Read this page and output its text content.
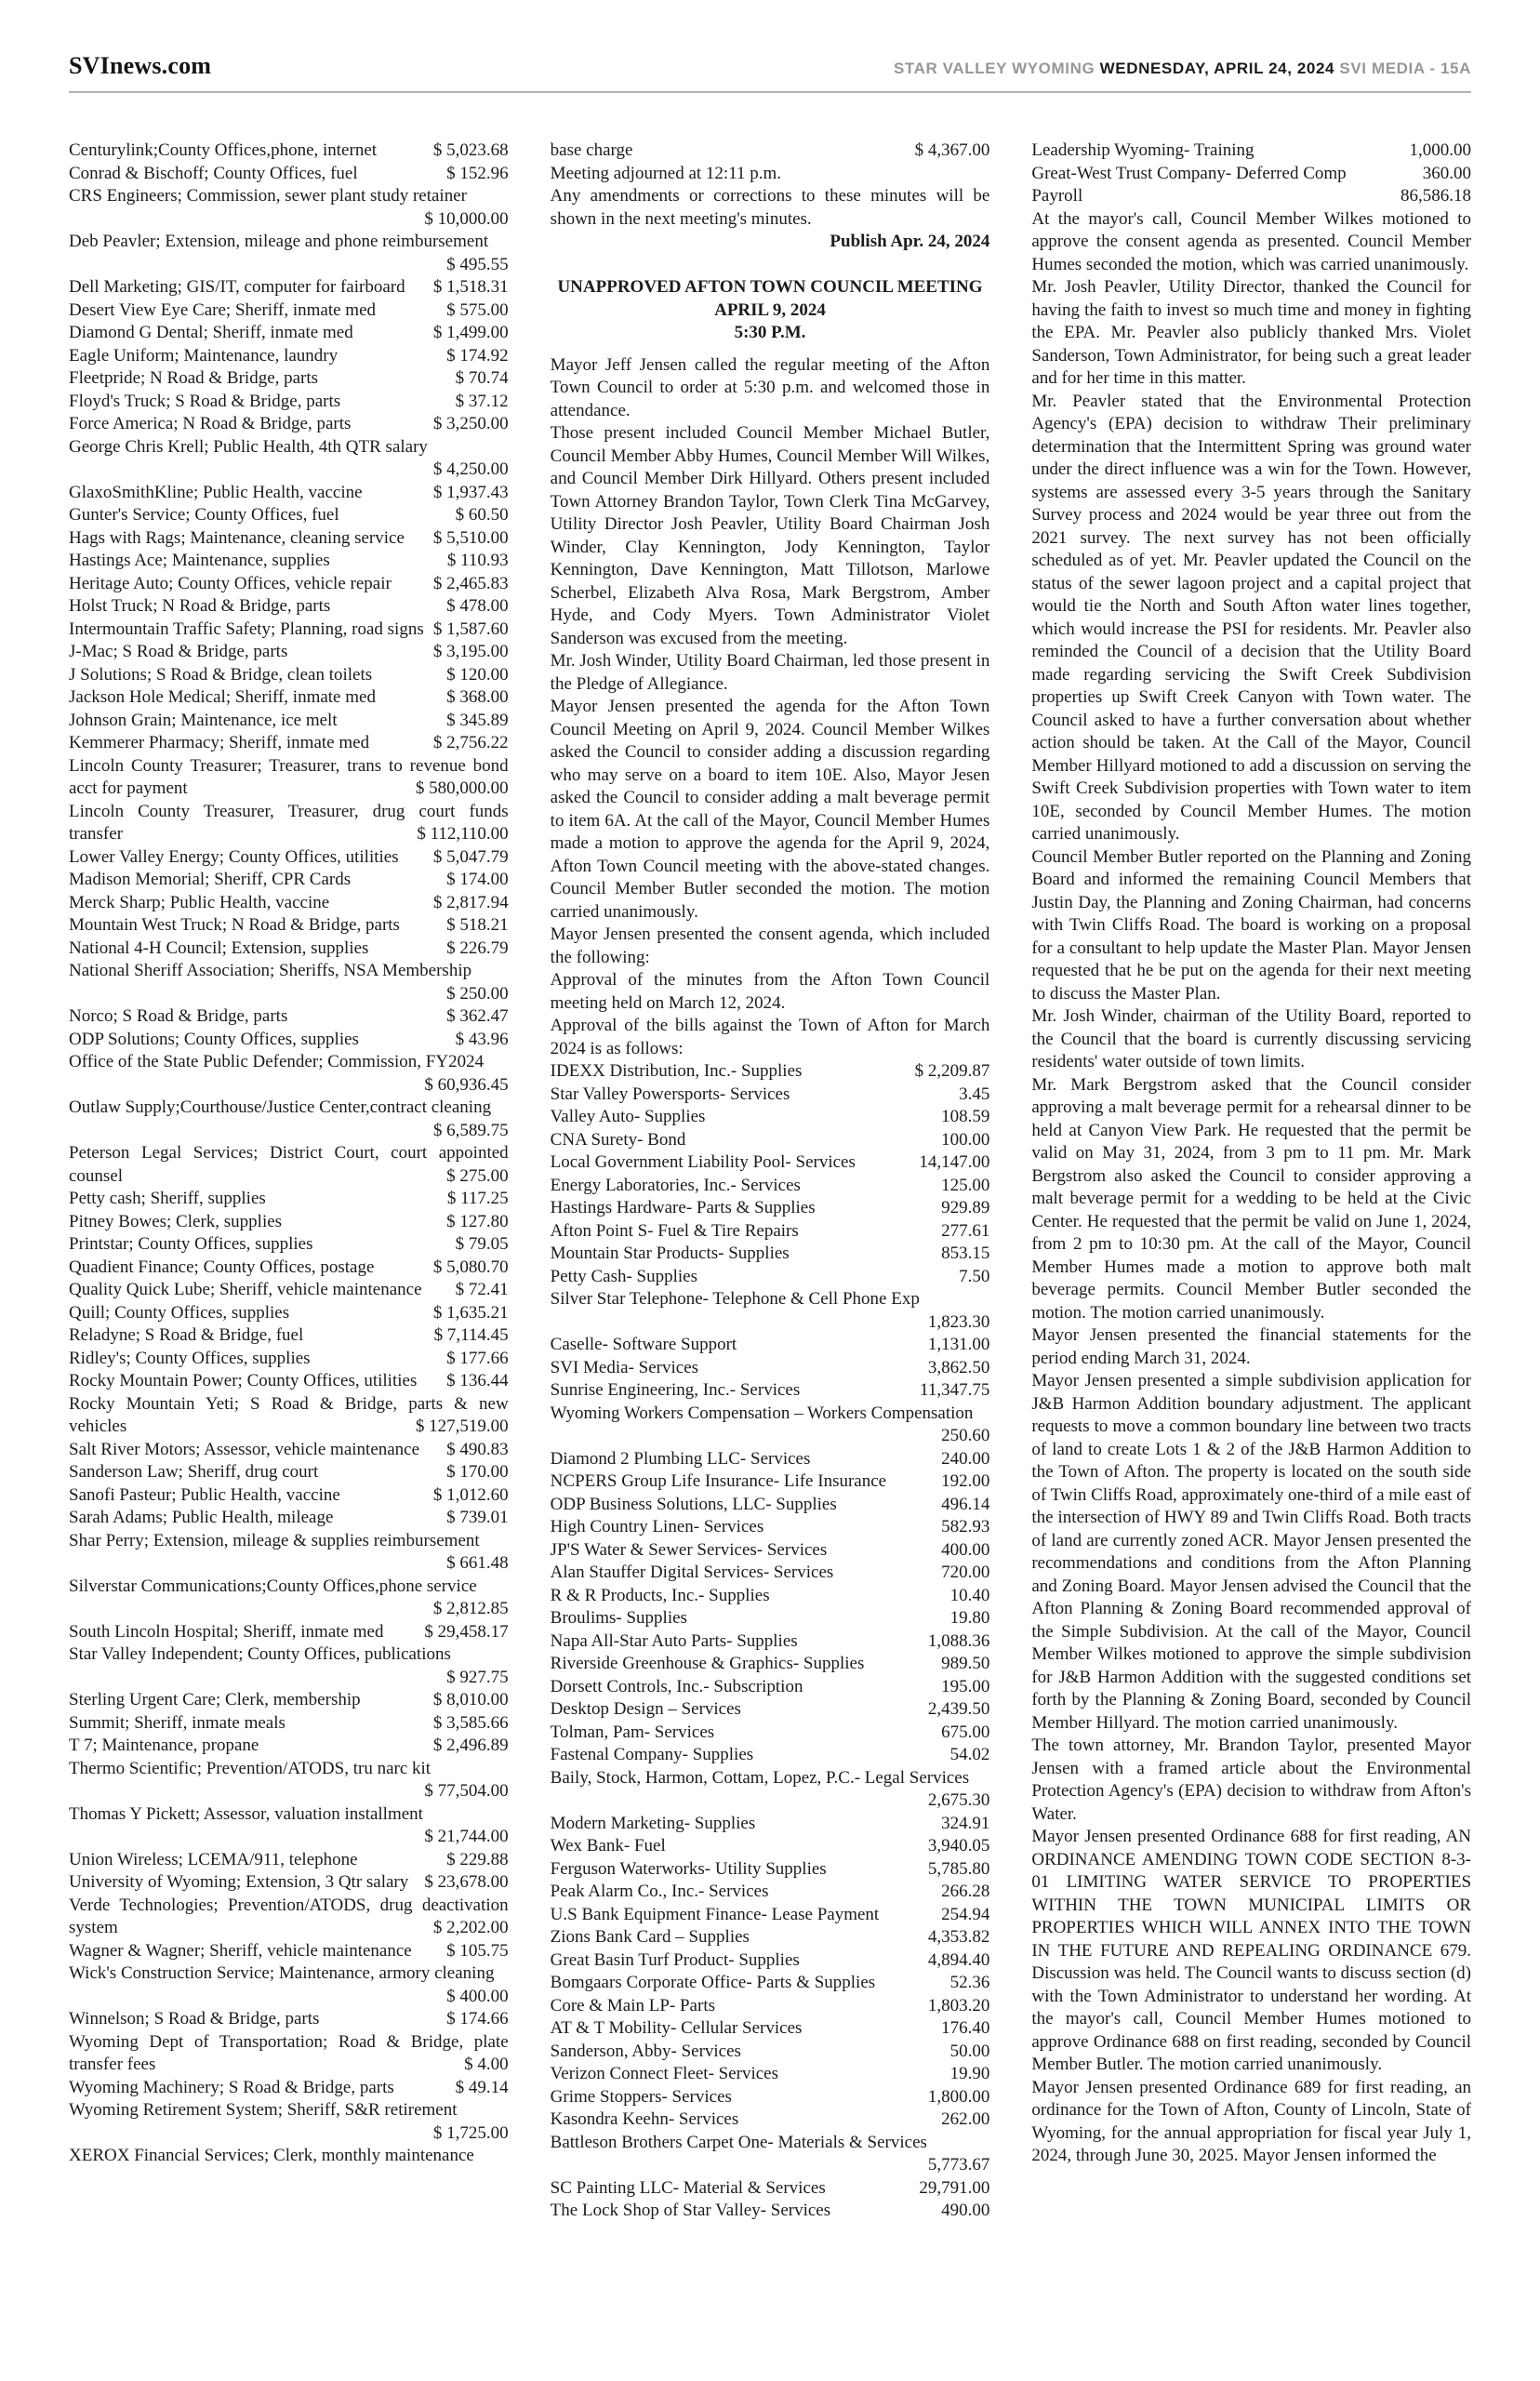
SVInews.com	STAR VALLEY WYOMING WEDNESDAY, APRIL 24, 2024 SVI MEDIA - 15A

Centurylink;County Offices,phone, internet	$ 5,023.68

Conrad & Bischoff; County Offices, fuel	$ 152.96

CRS Engineers; Commission, sewer plant study retainer
$ 10,000.00

Deb Peavler; Extension, mileage and phone reimbursement
$ 495.55

Dell Marketing; GIS/IT, computer for fairboard	$ 1,518.31

Desert View Eye Care; Sheriff, inmate med	$ 575.00

Diamond G Dental; Sheriff, inmate med	$ 1,499.00

Eagle Uniform; Maintenance, laundry	$ 174.92

Fleetpride; N Road & Bridge, parts	$ 70.74

Floyd's Truck; S Road & Bridge, parts	$ 37.12

Force America; N Road & Bridge, parts	$ 3,250.00

George Chris Krell; Public Health, 4th QTR salary
$ 4,250.00

GlaxoSmithKline; Public Health, vaccine	$ 1,937.43

Gunter's Service; County Offices, fuel	$ 60.50

Hags with Rags; Maintenance, cleaning service	$ 5,510.00

Hastings Ace; Maintenance, supplies	$ 110.93

Heritage Auto; County Offices, vehicle repair	$ 2,465.83

Holst Truck; N Road & Bridge, parts	$ 478.00

Intermountain Traffic Safety; Planning, road signs $ 1,587.60

J-Mac; S Road & Bridge, parts	$ 3,195.00

J Solutions; S Road & Bridge, clean toilets	$ 120.00

Jackson Hole Medical; Sheriff, inmate med	$ 368.00

Johnson Grain; Maintenance, ice melt	$ 345.89

Kemmerer Pharmacy; Sheriff, inmate med	$ 2,756.22

Lincoln County Treasurer; Treasurer, trans to revenue bond acct for payment	$ 580,000.00

Lincoln County Treasurer, Treasurer, drug court funds transfer	$ 112,110.00

Lower Valley Energy; County Offices, utilities	$ 5,047.79

Madison Memorial; Sheriff, CPR Cards	$ 174.00

Merck Sharp; Public Health, vaccine	$ 2,817.94

Mountain West Truck; N Road & Bridge, parts	$ 518.21

National 4-H Council; Extension, supplies	$ 226.79

National Sheriff Association; Sheriffs, NSA Membership
$ 250.00

Norco; S Road & Bridge, parts	$ 362.47

ODP Solutions; County Offices, supplies	$ 43.96

Office of the State Public Defender; Commission, FY2024
$ 60,936.45

Outlaw Supply;Courthouse/Justice Center,contract cleaning
$ 6,589.75

Peterson Legal Services; District Court, court appointed counsel	$ 275.00

Petty cash; Sheriff, supplies	$ 117.25

Pitney Bowes; Clerk, supplies	$ 127.80

Printstar; County Offices, supplies	$ 79.05

Quadient Finance; County Offices, postage	$ 5,080.70

Quality Quick Lube; Sheriff, vehicle maintenance	$ 72.41

Quill; County Offices, supplies	$ 1,635.21

Reladyne; S Road & Bridge, fuel	$ 7,114.45

Ridley's; County Offices, supplies	$ 177.66

Rocky Mountain Power; County Offices, utilities	$ 136.44

Rocky Mountain Yeti; S Road & Bridge, parts & new vehicles	$ 127,519.00

Salt River Motors; Assessor, vehicle maintenance	$ 490.83

Sanderson Law; Sheriff, drug court	$ 170.00

Sanofi Pasteur; Public Health, vaccine	$ 1,012.60

Sarah Adams; Public Health, mileage	$ 739.01

Shar Perry; Extension, mileage & supplies reimbursement
$ 661.48

Silverstar Communications;County Offices,phone service
$ 2,812.85

South Lincoln Hospital; Sheriff, inmate med	$ 29,458.17

Star Valley Independent; County Offices, publications
$ 927.75

Sterling Urgent Care; Clerk, membership	$ 8,010.00

Summit; Sheriff, inmate meals	$ 3,585.66

T 7; Maintenance, propane	$ 2,496.89

Thermo Scientific; Prevention/ATODS, tru narc kit
$ 77,504.00

Thomas Y Pickett; Assessor, valuation installment
$ 21,744.00

Union Wireless; LCEMA/911, telephone	$ 229.88

University of Wyoming; Extension, 3 Qtr salary $ 23,678.00

Verde Technologies; Prevention/ATODS, drug deactivation system	$ 2,202.00

Wagner & Wagner; Sheriff, vehicle maintenance	$ 105.75

Wick's Construction Service; Maintenance, armory cleaning
$ 400.00

Winnelson; S Road & Bridge, parts	$ 174.66

Wyoming Dept of Transportation; Road & Bridge, plate transfer fees	$ 4.00

Wyoming Machinery; S Road & Bridge, parts	$ 49.14

Wyoming Retirement System; Sheriff, S&R retirement
$ 1,725.00

XEROX Financial Services; Clerk, monthly maintenance

base charge	$ 4,367.00

Meeting adjourned at 12:11 p.m.

Any amendments or corrections to these minutes will be shown in the next meeting's minutes.

Publish Apr. 24, 2024

UNAPPROVED AFTON TOWN COUNCIL MEETING

APRIL 9, 2024

5:30 P.M.

Mayor Jeff Jensen called the regular meeting of the Afton Town Council to order at 5:30 p.m. and welcomed those in attendance.

Those present included Council Member Michael Butler, Council Member Abby Humes, Council Member Will Wilkes, and Council Member Dirk Hillyard. Others present included Town Attorney Brandon Taylor, Town Clerk Tina McGarvey, Utility Director Josh Peavler, Utility Board Chairman Josh Winder, Clay Kennington, Jody Kennington, Taylor Kennington, Dave Kennington, Matt Tillotson, Marlowe Scherbel, Elizabeth Alva Rosa, Mark Bergstrom, Amber Hyde, and Cody Myers. Town Administrator Violet Sanderson was excused from the meeting.

Mr. Josh Winder, Utility Board Chairman, led those present in the Pledge of Allegiance.

Mayor Jensen presented the agenda for the Afton Town Council Meeting on April 9, 2024. Council Member Wilkes asked the Council to consider adding a discussion regarding who may serve on a board to item 10E. Also, Mayor Jesen asked the Council to consider adding a malt beverage permit to item 6A. At the call of the Mayor, Council Member Humes made a motion to approve the agenda for the April 9, 2024, Afton Town Council meeting with the above-stated changes. Council Member Butler seconded the motion. The motion carried unanimously.

Mayor Jensen presented the consent agenda, which included the following:

Approval of the minutes from the Afton Town Council meeting held on March 12, 2024.

Approval of the bills against the Town of Afton for March 2024 is as follows:

IDEXX Distribution, Inc.- Supplies	$ 2,209.87

Star Valley Powersports- Services	3.45

Valley Auto- Supplies	108.59

CNA Surety- Bond	100.00

Local Government Liability Pool- Services	14,147.00

Energy Laboratories, Inc.- Services	125.00

Hastings Hardware- Parts & Supplies	929.89

Afton Point S- Fuel & Tire Repairs	277.61

Mountain Star Products- Supplies	853.15

Petty Cash- Supplies	7.50

Silver Star Telephone- Telephone & Cell Phone Exp
1,823.30

Caselle- Software Support	1,131.00

SVI Media- Services	3,862.50

Sunrise Engineering, Inc.- Services	11,347.75

Wyoming Workers Compensation – Workers Compensation
250.60

Diamond 2 Plumbing LLC- Services	240.00

NCPERS Group Life Insurance- Life Insurance	192.00

ODP Business Solutions, LLC- Supplies	496.14

High Country Linen- Services	582.93

JP'S Water & Sewer Services- Services	400.00

Alan Stauffer Digital Services- Services	720.00

R & R Products, Inc.- Supplies	10.40

Broulims- Supplies	19.80

Napa All-Star Auto Parts- Supplies	1,088.36

Riverside Greenhouse & Graphics- Supplies	989.50

Dorsett Controls, Inc.- Subscription	195.00

Desktop Design – Services	2,439.50

Tolman, Pam- Services	675.00

Fastenal Company- Supplies	54.02

Baily, Stock, Harmon, Cottam, Lopez, P.C.- Legal Services
2,675.30

Modern Marketing- Supplies	324.91

Wex Bank- Fuel	3,940.05

Ferguson Waterworks- Utility Supplies	5,785.80

Peak Alarm Co., Inc.- Services	266.28

U.S Bank Equipment Finance- Lease Payment	254.94

Zions Bank Card – Supplies	4,353.82

Great Basin Turf Product- Supplies	4,894.40

Bomgaars Corporate Office- Parts & Supplies	52.36

Core & Main LP- Parts	1,803.20

AT & T Mobility- Cellular Services	176.40

Sanderson, Abby- Services	50.00

Verizon Connect Fleet- Services	19.90

Grime Stoppers- Services	1,800.00

Kasondra Keehn- Services	262.00

Battleson Brothers Carpet One- Materials & Services
5,773.67

SC Painting LLC- Material & Services	29,791.00

The Lock Shop of Star Valley- Services	490.00

Leadership Wyoming- Training	1,000.00

Great-West Trust Company- Deferred Comp	360.00

Payroll	86,586.18

At the mayor's call, Council Member Wilkes motioned to approve the consent agenda as presented. Council Member Humes seconded the motion, which was carried unanimously.

Mr. Josh Peavler, Utility Director, thanked the Council for having the faith to invest so much time and money in fighting the EPA. Mr. Peavler also publicly thanked Mrs. Violet Sanderson, Town Administrator, for being such a great leader and for her time in this matter.

Mr. Peavler stated that the Environmental Protection Agency's (EPA) decision to withdraw Their preliminary determination that the Intermittent Spring was ground water under the direct influence was a win for the Town. However, systems are assessed every 3-5 years through the Sanitary Survey process and 2024 would be year three out from the 2021 survey. The next survey has not been officially scheduled as of yet. Mr. Peavler updated the Council on the status of the sewer lagoon project and a capital project that would tie the North and South Afton water lines together, which would increase the PSI for residents. Mr. Peavler also reminded the Council of a decision that the Utility Board made regarding servicing the Swift Creek Subdivision properties up Swift Creek Canyon with Town water. The Council asked to have a further conversation about whether action should be taken. At the Call of the Mayor, Council Member Hillyard motioned to add a discussion on serving the Swift Creek Subdivision properties with Town water to item 10E, seconded by Council Member Humes. The motion carried unanimously.

Council Member Butler reported on the Planning and Zoning Board and informed the remaining Council Members that Justin Day, the Planning and Zoning Chairman, had concerns with Twin Cliffs Road. The board is working on a proposal for a consultant to help update the Master Plan. Mayor Jensen requested that he be put on the agenda for their next meeting to discuss the Master Plan.

Mr. Josh Winder, chairman of the Utility Board, reported to the Council that the board is currently discussing servicing residents' water outside of town limits.

Mr. Mark Bergstrom asked that the Council consider approving a malt beverage permit for a rehearsal dinner to be held at Canyon View Park. He requested that the permit be valid on May 31, 2024, from 3 pm to 11 pm. Mr. Mark Bergstrom also asked the Council to consider approving a malt beverage permit for a wedding to be held at the Civic Center. He requested that the permit be valid on June 1, 2024, from 2 pm to 10:30 pm. At the call of the Mayor, Council Member Humes made a motion to approve both malt beverage permits. Council Member Butler seconded the motion. The motion carried unanimously.

Mayor Jensen presented the financial statements for the period ending March 31, 2024.

Mayor Jensen presented a simple subdivision application for J&B Harmon Addition boundary adjustment. The applicant requests to move a common boundary line between two tracts of land to create Lots 1 & 2 of the J&B Harmon Addition to the Town of Afton. The property is located on the south side of Twin Cliffs Road, approximately one-third of a mile east of the intersection of HWY 89 and Twin Cliffs Road. Both tracts of land are currently zoned ACR. Mayor Jensen presented the recommendations and conditions from the Afton Planning and Zoning Board. Mayor Jensen advised the Council that the Afton Planning & Zoning Board recommended approval of the Simple Subdivision. At the call of the Mayor, Council Member Wilkes motioned to approve the simple subdivision for J&B Harmon Addition with the suggested conditions set forth by the Planning & Zoning Board, seconded by Council Member Hillyard. The motion carried unanimously.

The town attorney, Mr. Brandon Taylor, presented Mayor Jensen with a framed article about the Environmental Protection Agency's (EPA) decision to withdraw from Afton's Water.

Mayor Jensen presented Ordinance 688 for first reading, AN ORDINANCE AMENDING TOWN CODE SECTION 8-3-01 LIMITING WATER SERVICE TO PROPERTIES WITHIN THE TOWN MUNICIPAL LIMITS OR PROPERTIES WHICH WILL ANNEX INTO THE TOWN IN THE FUTURE AND REPEALING ORDINANCE 679. Discussion was held. The Council wants to discuss section (d) with the Town Administrator to understand her wording. At the mayor's call, Council Member Humes motioned to approve Ordinance 688 on first reading, seconded by Council Member Butler. The motion carried unanimously.

Mayor Jensen presented Ordinance 689 for first reading, an ordinance for the Town of Afton, County of Lincoln, State of Wyoming, for the annual appropriation for fiscal year July 1, 2024, through June 30, 2025. Mayor Jensen informed the
